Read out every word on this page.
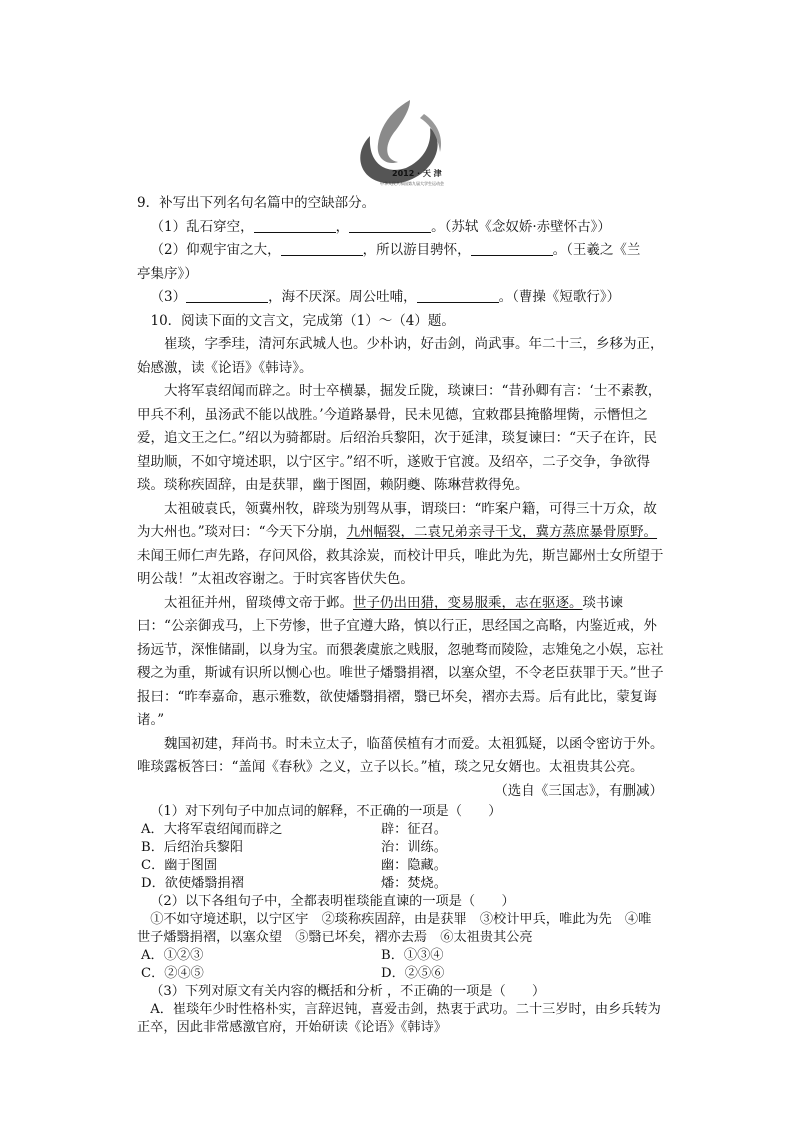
2012 · 天 津
中华人民共和国第九届大学生运动会

9．补写出下列名句名篇中的空缺部分。

（1）乱石穿空，	，	。（苏轼《念奴娇·赤壁怀古》）

（2）仰观宇宙之大，	，所以游目骋怀，	。（王羲之《兰

亭集序》）

（3）	，海不厌深。周公吐哺，	。（曹操《短歌行》）

10．阅读下面的文言文，完成第（1）～（4）题。

崔琰，字季珪，清河东武城人也。少朴讷，好击剑，尚武事。年二十三，乡移为正，始感激，读《论语》《韩诗》。

大将军袁绍闻而辟之。时士卒横暴，掘发丘陇，琰谏曰：“昔孙卿有言：‘士不素教，甲兵不利，虽汤武不能以战胜。’今道路暴骨，民未见德，宜敕郡县掩骼埋胔，示憯怛之爱，追文王之仁。”绍以为骑都尉。后绍治兵黎阳，次于延津，琰复谏曰：“天子在许，民望助顺，不如守境述职，以宁区宇。”绍不听，遂败于官渡。及绍卒，二子交争，争欲得琰。琰称疾固辞，由是获罪，幽于图圄，赖阴夔、陈琳营救得免。

太祖破袁氏，领冀州牧，辟琰为别驾从事，谓琰曰：“昨案户籍，可得三十万众，故为大州也。”琰对曰：“今天下分崩，九州幅裂，二袁兄弟亲寻干戈，冀方蒸庶暴骨原野。未闻王师仁声先路，存问风俗，救其涂炭，而校计甲兵，唯此为先，斯岂鄙州士女所望于明公哉！”太祖改容谢之。于时宾客皆伏失色。

太祖征并州，留琰傅文帝于邺。世子仍出田猎，变易服乘，志在驱逐。琰书谏曰：“公亲御戎马，上下劳惨，世子宜遵大路，慎以行正，思经国之高略，内鉴近戒，外扬远节，深惟储副，以身为宝。而猥袭虞旅之贱服，忽驰骛而陵险，志雉兔之小娱，忘社稷之为重，斯诚有识所以恻心也。唯世子燔翳捐褶，以塞众望，不令老臣获罪于天。”世子报曰：“昨奉嘉命，惠示雅数，欲使燔翳捐褶，翳已坏矣，褶亦去焉。后有此比，蒙复诲诸。”

魏国初建，拜尚书。时未立太子，临菑侯植有才而爱。太祖狐疑，以函令密访于外。唯琰露板答曰：“盖闻《春秋》之义，立子以长。”植，琰之兄女婿也。太祖贵其公亮。

（选自《三国志》，有删减）

（1）对下列句子中加点词的解释，不正确的一项是（　　）

A．大将军袁绍闻而辟之	辟：征召。
B．后绍治兵黎阳	治：训练。
C．幽于图圄	幽：隐藏。
D．欲使燔翳捐褶	燔：焚烧。

（2）以下各组句子中，全都表明崔琰能直谏的一项是（　　）

①不如守境述职，以宁区宇　②琰称疾固辞，由是获罪　③校计甲兵，唯此为先　④唯

世子燔翳捐褶，以塞众望　⑤翳已坏矣，褶亦去焉　⑥太祖贵其公亮

A．①②③	B．①③④
C．②④⑤	D．②⑤⑥

（3）下列对原文有关内容的概括和分析 ，不正确的一项是（　　）

A．崔琰年少时性格朴实，言辞迟钝，喜爱击剑，热衷于武功。二十三岁时，由乡兵转为

正卒，因此非常感激官府，开始研读《论语》《韩诗》
